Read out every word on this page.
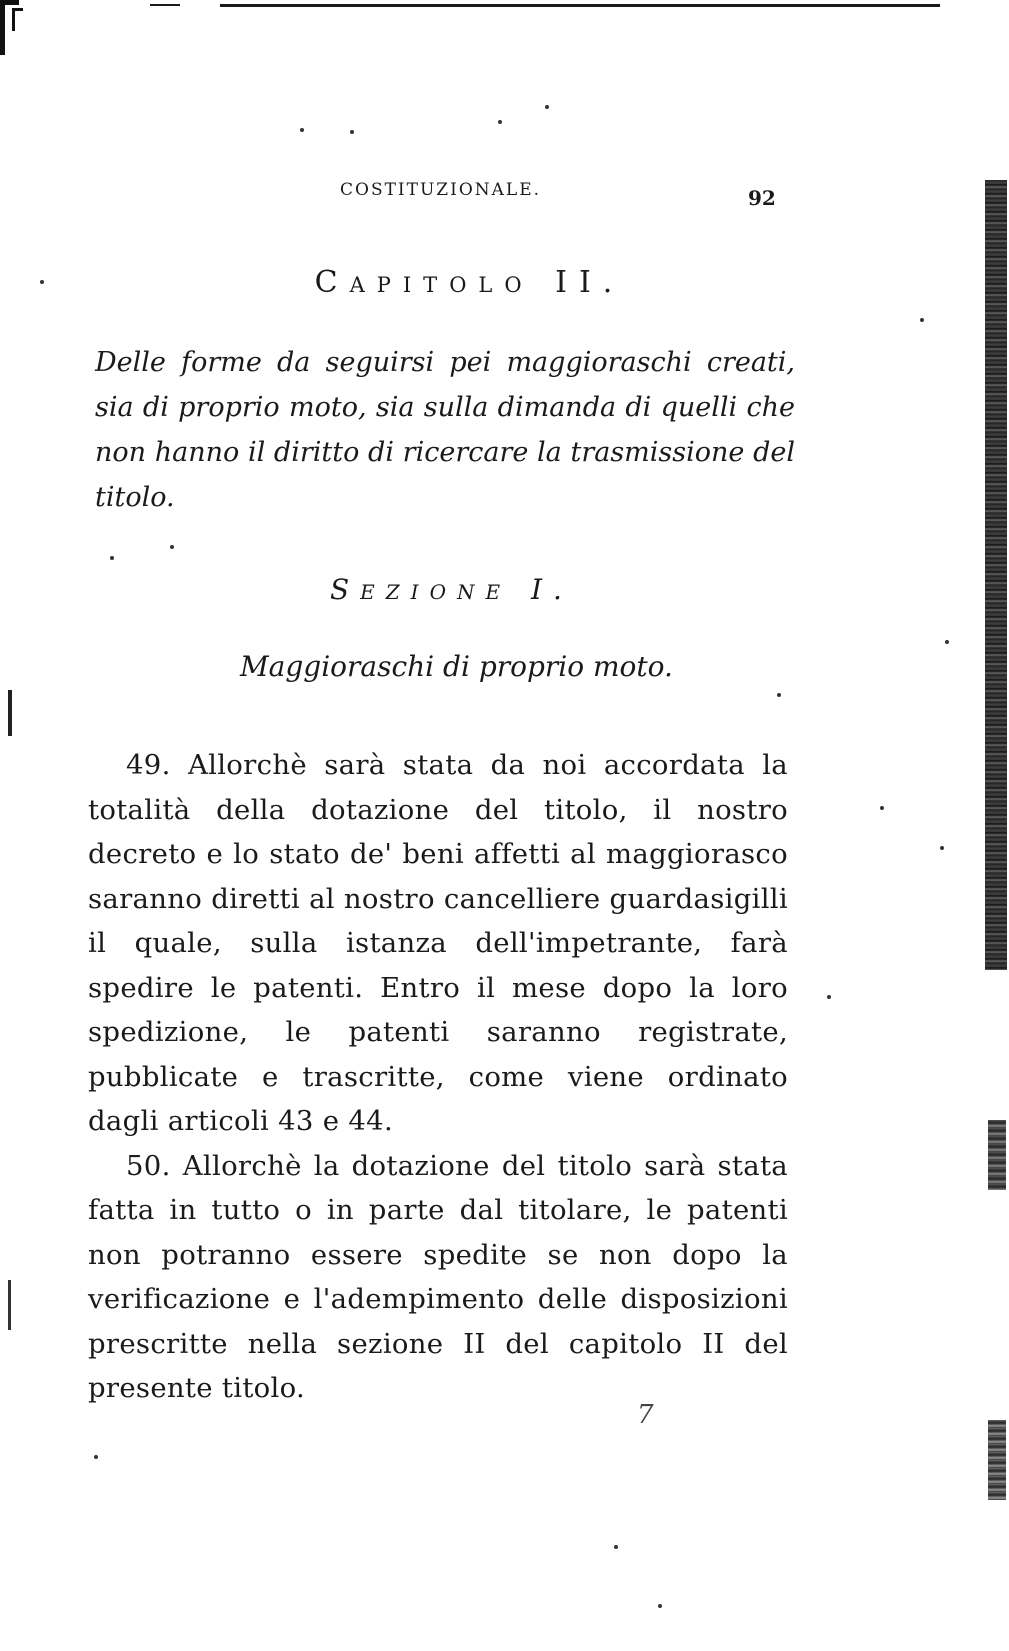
COSTITUZIONALE.	92
Capitolo II.
Delle forme da seguirsi pei maggioraschi creati, sia di proprio moto, sia sulla dimanda di quelli che non hanno il diritto di ricercare la trasmissione del titolo.
Sezione I.
Maggioraschi di proprio moto.

49. Allorchè sarà stata da noi accordata la totalità della dotazione del titolo, il nostro decreto e lo stato de' beni affetti al maggiorasco saranno diretti al nostro cancelliere guardasigilli il quale, sulla istanza dell'impetrante, farà spedire le patenti. Entro il mese dopo la loro spedizione, le patenti saranno registrate, pubblicate e trascritte, come viene ordinato dagli articoli 43 e 44.

50. Allorchè la dotazione del titolo sarà stata fatta in tutto o in parte dal titolare, le patenti non potranno essere spedite se non dopo la verificazione e l'adempimento delle disposizioni prescritte nella sezione II del capitolo II del presente titolo.

7
